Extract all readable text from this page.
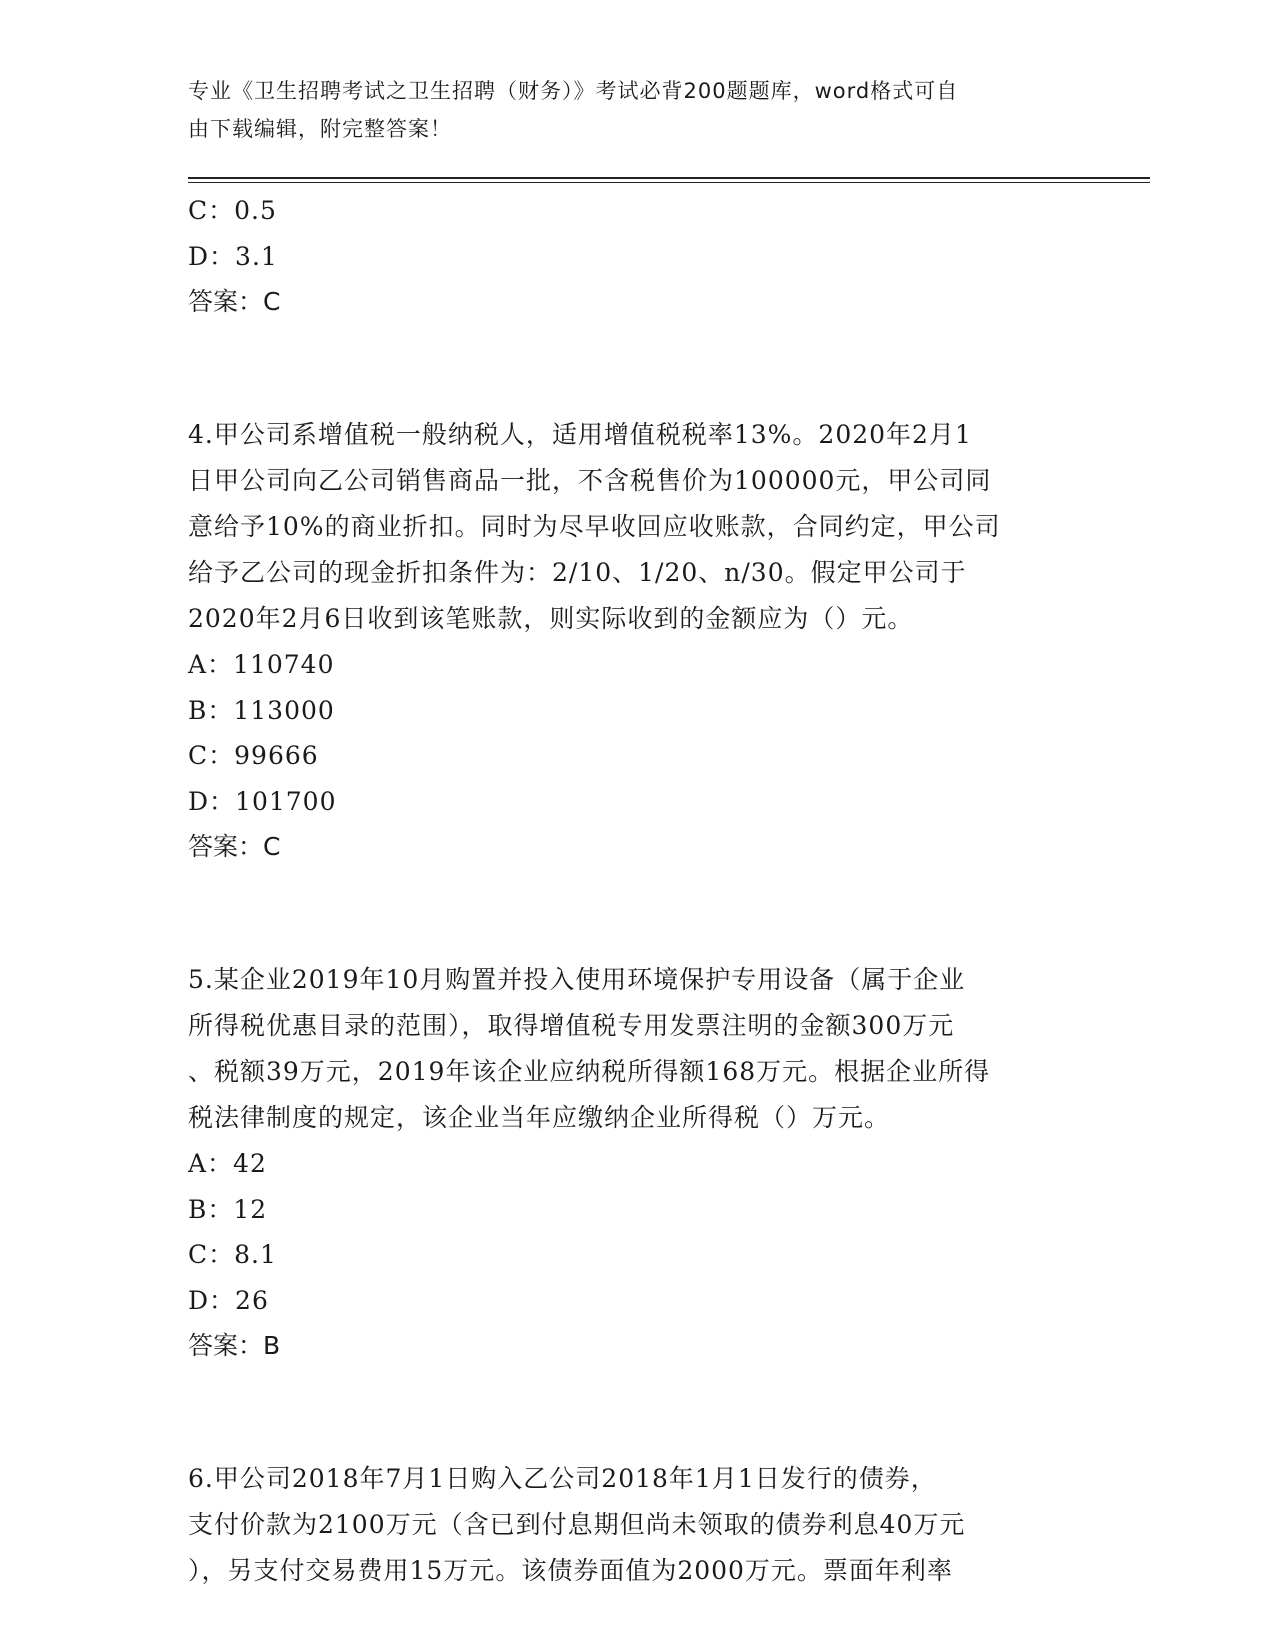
专业《卫生招聘考试之卫生招聘（财务）》考试必背200题题库，word格式可自
由下载编辑，附完整答案！
C：0.5
D：3.1
答案：C
4.甲公司系增值税一般纳税人，适用增值税税率13%。2020年2月1
日甲公司向乙公司销售商品一批，不含税售价为100000元，甲公司同
意给予10%的商业折扣。同时为尽早收回应收账款，合同约定，甲公司
给予乙公司的现金折扣条件为：2/10、1/20、n/30。假定甲公司于
2020年2月6日收到该笔账款，则实际收到的金额应为（）元。
A：110740
B：113000
C：99666
D：101700
答案：C
5.某企业2019年10月购置并投入使用环境保护专用设备（属于企业
所得税优惠目录的范围），取得增值税专用发票注明的金额300万元
、税额39万元，2019年该企业应纳税所得额168万元。根据企业所得
税法律制度的规定，该企业当年应缴纳企业所得税（）万元。
A：42
B：12
C：8.1
D：26
答案：B
6.甲公司2018年7月1日购入乙公司2018年1月1日发行的债券，
支付价款为2100万元（含已到付息期但尚未领取的债券利息40万元
），另支付交易费用15万元。该债券面值为2000万元。票面年利率
